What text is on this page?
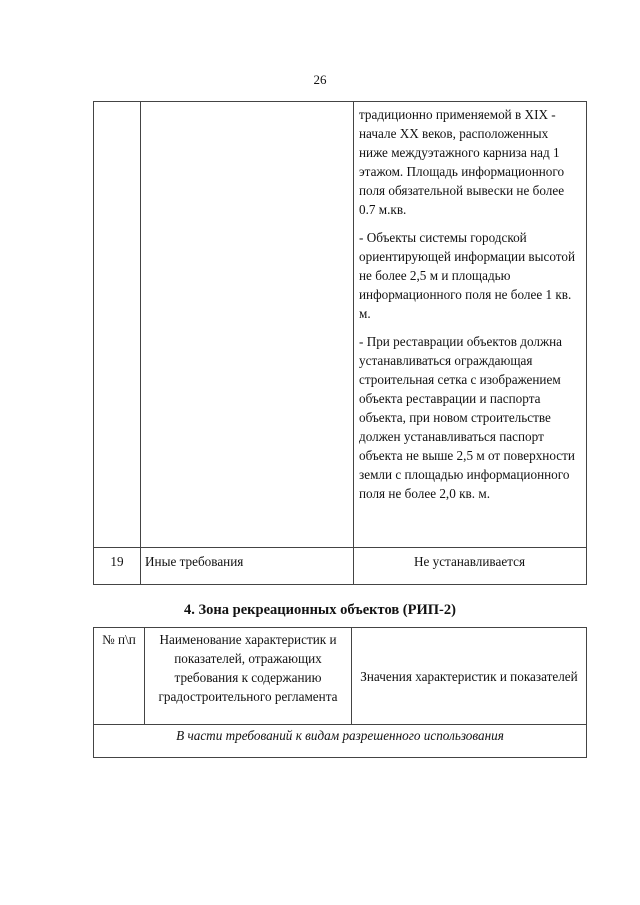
26

		традиционно применяемой в XIX - начале XX веков, расположенных ниже междуэтажного карниза над 1 этажом. Площадь информационного поля обязательной вывески не более 0.7 м.кв.

- Объекты системы городской ориентирующей информации высотой не более 2,5 м и площадью информационного поля не более 1 кв. м.

- При реставрации объектов должна устанавливаться ограждающая строительная сетка с изображением объекта реставрации и паспорта объекта, при новом строительстве должен устанавливаться паспорт объекта не выше 2,5 м от поверхности земли с площадью информационного поля не более 2,0 кв. м.

19	Иные требования	Не устанавливается
4. Зона рекреационных объектов (РИП-2)
№ п\п	Наименование характеристик и показателей, отражающих требования к содержанию градостроительного регламента	Значения характеристик и показателей
В части требований к видам разрешенного использования
